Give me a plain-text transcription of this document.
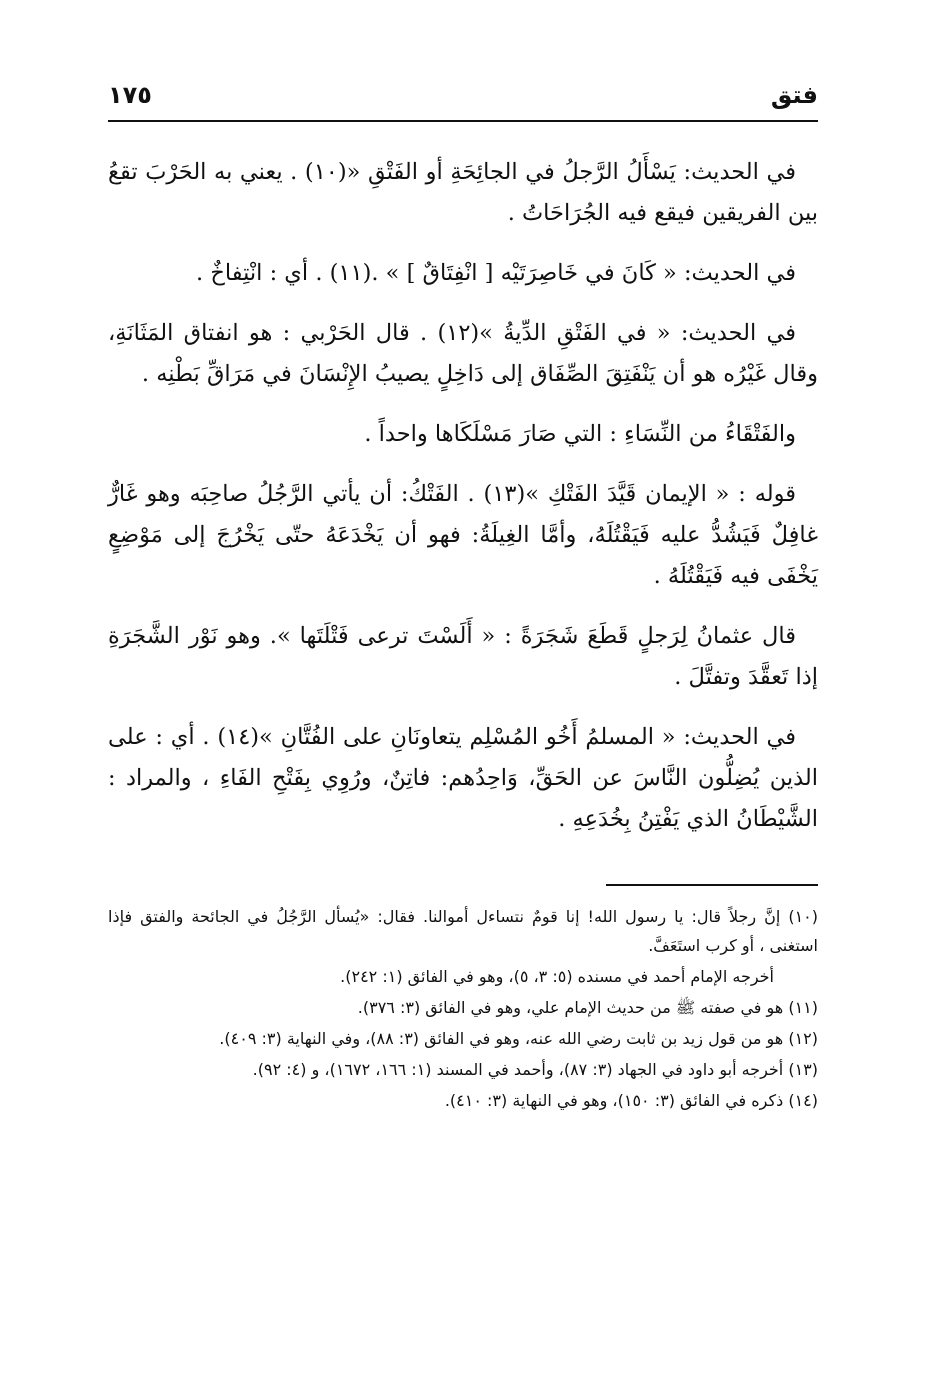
فتق
١٧٥

في الحديث: يَسْأَلُ الرَّجلُ في الجائِحَةِ أو الفَتْقِ «(١٠) . يعني به الحَرْبَ تقعُ بين الفريقين فيقع فيه الجُرَاحَاتُ .

في الحديث: « كَانَ في خَاصِرَتَيْه [ انْفِتَاقٌ ] » .(١١) . أي : انْتِفاخٌ .

في الحديث: « في الفَتْقِ الدِّيةُ »(١٢) . قال الحَرْبي : هو انفتاق المَثَانَةِ، وقال غَيْرُه هو أن يَنْفَتِقَ الصِّفَاق إلى دَاخِلٍ يصيبُ الإِنْسَانَ في مَرَاقِّ بَطْنِه .

والفَتْقَاءُ من النِّسَاءِ : التي صَارَ مَسْلَكَاها واحداً .

قوله : « الإيمان قَيَّدَ الفَتْكِ »(١٣) . الفَتْكُ: أن يأتي الرَّجُلُ صاحِبَه وهو غَارٌّ غافِلٌ فَيَشُدُّ عليه فَيَقْتُلَهُ، وأمَّا الغِيلَةُ: فهو أن يَخْدَعَهُ حتّى يَخْرُجَ إلى مَوْضِعٍ يَخْفَى فيه فَيَقْتُلَهُ .

قال عثمانُ لِرَجلٍ قَطَعَ شَجَرَةً : « أَلَسْتَ ترعى فَتْلَتَها ». وهو نَوْر الشَّجَرَةِ إذا تَعقَّدَ وتفتَّلَ .

في الحديث: « المسلمُ أَخُو المُسْلِم يتعاونَانِ على الفُتَّانِ »(١٤) . أي : على الذين يُضِلُّون النَّاسَ عن الحَقِّ، وَاحِدُهم: فاتِنٌ، ورُوِي بِفَتْحِ الفَاءِ ، والمراد : الشَّيْطَانُ الذي يَفْتِنُ بِخُدَعِهِ .

(١٠) إنَّ رجلاً قال: يا رسول الله! إنا قومٌ نتساءل أموالنا. فقال: «يُسأل الرَّجُلُ في الجائحة والفتق فإذا استغنى ، أو كرب استَعَفَّ.

أخرجه الإمام أحمد في مسنده (٥: ٣، ٥)، وهو في الفائق (١: ٢٤٢).

(١١) هو في صفته ﷺ من حديث الإمام علي، وهو في الفائق (٣: ٣٧٦).

(١٢) هو من قول زيد بن ثابت رضي الله عنه، وهو في الفائق (٣: ٨٨)، وفي النهاية (٣: ٤٠٩).

(١٣) أخرجه أبو داود في الجهاد (٣: ٨٧)، وأحمد في المسند (١: ١٦٦، ١٦٧٢)، و (٤: ٩٢).

(١٤) ذكره في الفائق (٣: ١٥٠)، وهو في النهاية (٣: ٤١٠).
